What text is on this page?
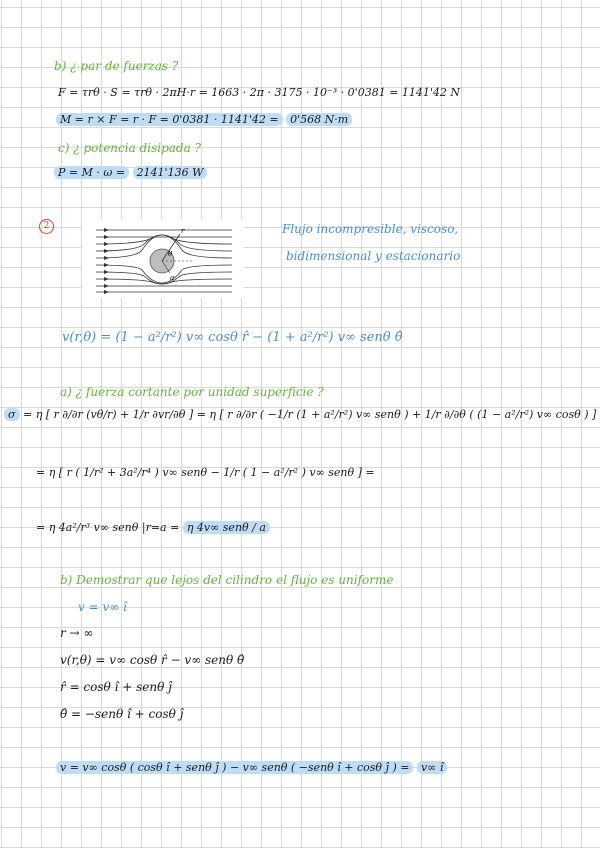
b) ¿ par de fuerzas ?
F = τrθ · S = τrθ · 2πH·r = 1663 · 2π · 3175 · 10⁻³ · 0'0381 = 1141'42 N
M = r × F = r · F = 0'0381 · 1141'42 = 0'568 N·m
c) ¿ potencia disipada ?
P = M · ω = 2141'136 W
2	r
θ
a
Flujo incompresible, viscoso,
bidimensional y estacionario
v(r,θ) = (1 − a²/r²) v∞ cosθ r̂ − (1 + a²/r²) v∞ senθ θ̂
a) ¿ fuerza cortante por unidad superficie ?
σ = η [ r ∂/∂r (vθ/r) + 1/r ∂vr/∂θ ] = η [ r ∂/∂r ( −1/r (1 + a²/r²) v∞ senθ ) + 1/r ∂/∂θ ( (1 − a²/r²) v∞ cosθ ) ]
= η [ r ( 1/r² + 3a²/r⁴ ) v∞ senθ − 1/r ( 1 − a²/r² ) v∞ senθ ] =
= η 4a²/r³ v∞ senθ |r=a = η 4v∞ senθ / a
b) Demostrar que lejos del cilindro el flujo es uniforme
v = v∞ î
r → ∞
v(r,θ) = v∞ cosθ r̂ − v∞ senθ θ̂
r̂ = cosθ î + senθ ĵ
θ̂ = −senθ î + cosθ ĵ
v = v∞ cosθ ( cosθ î + senθ ĵ ) − v∞ senθ ( −senθ î + cosθ ĵ ) = v∞ î
